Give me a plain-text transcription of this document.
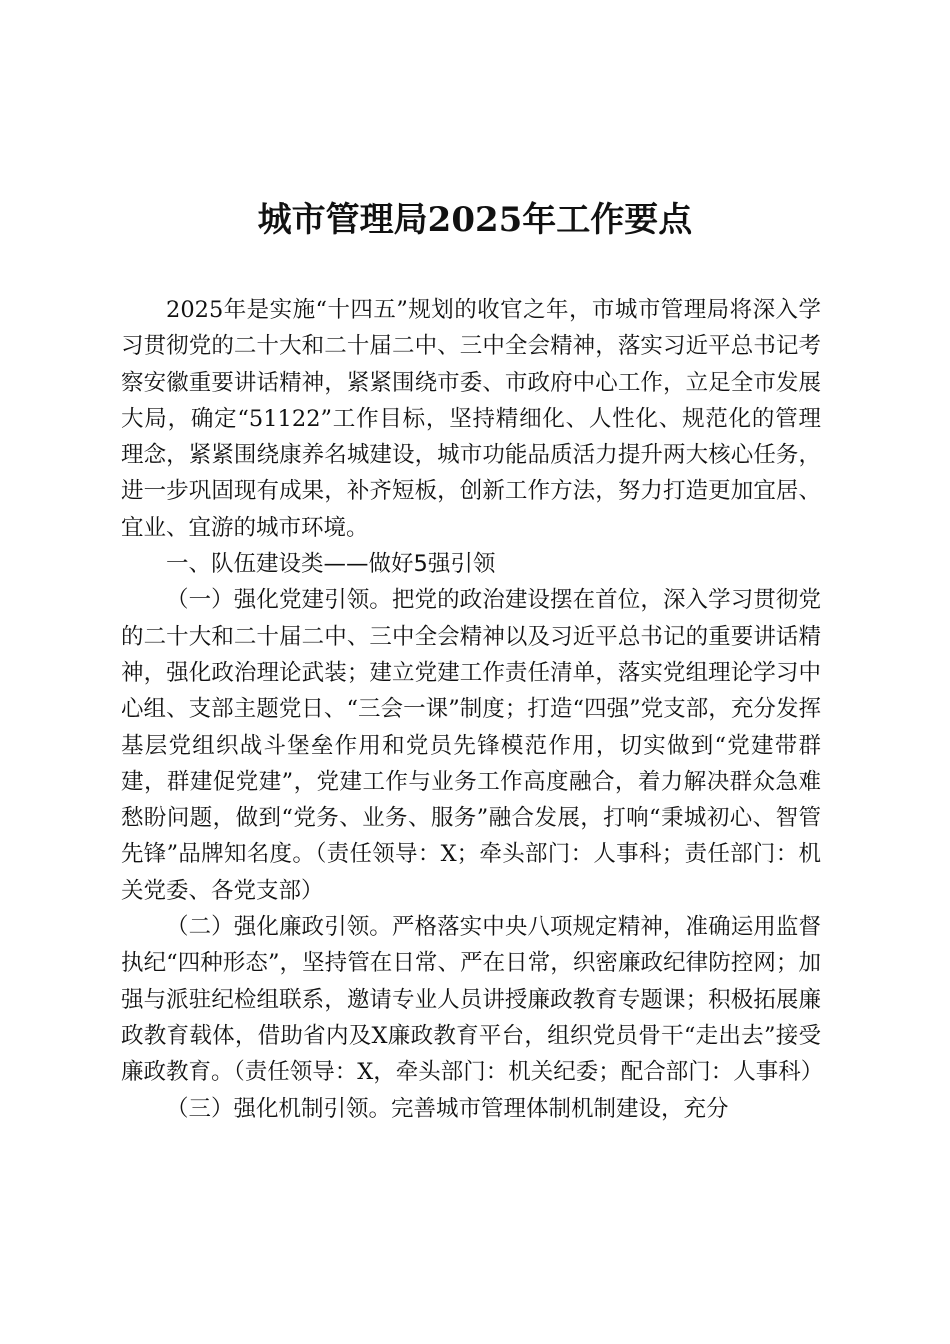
城市管理局2025年工作要点

2025年是实施“十四五”规划的收官之年，市城市管理局将深入学习贯彻党的二十大和二十届二中、三中全会精神，落实习近平总书记考察安徽重要讲话精神，紧紧围绕市委、市政府中心工作，立足全市发展大局，确定“51122”工作目标，坚持精细化、人性化、规范化的管理理念，紧紧围绕康养名城建设，城市功能品质活力提升两大核心任务，进一步巩固现有成果，补齐短板，创新工作方法，努力打造更加宜居、宜业、宜游的城市环境。

一、队伍建设类——做好5强引领

（一）强化党建引领。把党的政治建设摆在首位，深入学习贯彻党的二十大和二十届二中、三中全会精神以及习近平总书记的重要讲话精神，强化政治理论武装；建立党建工作责任清单，落实党组理论学习中心组、支部主题党日、“三会一课”制度；打造“四强”党支部，充分发挥基层党组织战斗堡垒作用和党员先锋模范作用，切实做到“党建带群建，群建促党建”，党建工作与业务工作高度融合，着力解决群众急难愁盼问题，做到“党务、业务、服务”融合发展，打响“秉城初心、智管先锋”品牌知名度。（责任领导：X；牵头部门：人事科；责任部门：机关党委、各党支部）

（二）强化廉政引领。严格落实中央八项规定精神，准确运用监督执纪“四种形态”，坚持管在日常、严在日常，织密廉政纪律防控网；加强与派驻纪检组联系，邀请专业人员讲授廉政教育专题课；积极拓展廉政教育载体，借助省内及X廉政教育平台，组织党员骨干“走出去”接受廉政教育。（责任领导：X，牵头部门：机关纪委；配合部门：人事科）

（三）强化机制引领。完善城市管理体制机制建设，充分
